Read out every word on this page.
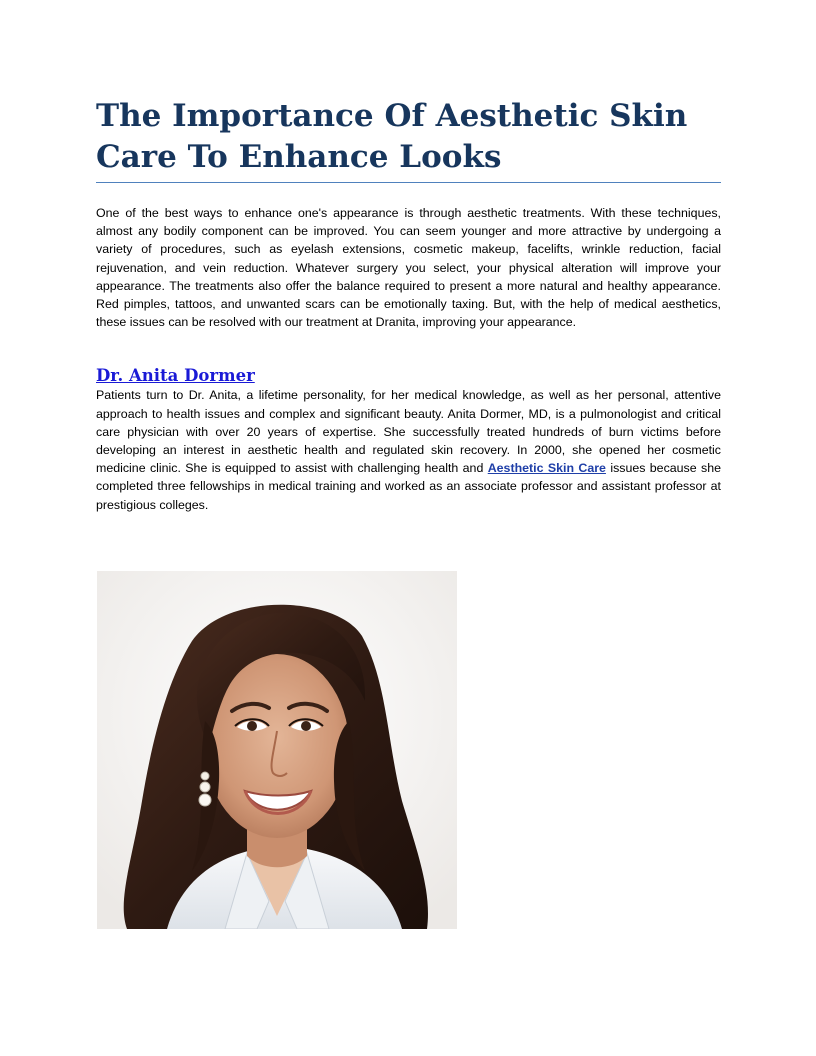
The Importance Of Aesthetic Skin Care To Enhance Looks

One of the best ways to enhance one's appearance is through aesthetic treatments. With these techniques, almost any bodily component can be improved. You can seem younger and more attractive by undergoing a variety of procedures, such as eyelash extensions, cosmetic makeup, facelifts, wrinkle reduction, facial rejuvenation, and vein reduction. Whatever surgery you select, your physical alteration will improve your appearance. The treatments also offer the balance required to present a more natural and healthy appearance. Red pimples, tattoos, and unwanted scars can be emotionally taxing. But, with the help of medical aesthetics, these issues can be resolved with our treatment at Dranita, improving your appearance.

Dr. Anita Dormer

Patients turn to Dr. Anita, a lifetime personality, for her medical knowledge, as well as her personal, attentive approach to health issues and complex and significant beauty. Anita Dormer, MD, is a pulmonologist and critical care physician with over 20 years of expertise. She successfully treated hundreds of burn victims before developing an interest in aesthetic health and regulated skin recovery. In 2000, she opened her cosmetic medicine clinic. She is equipped to assist with challenging health and Aesthetic Skin Care issues because she completed three fellowships in medical training and worked as an associate professor and assistant professor at prestigious colleges.
